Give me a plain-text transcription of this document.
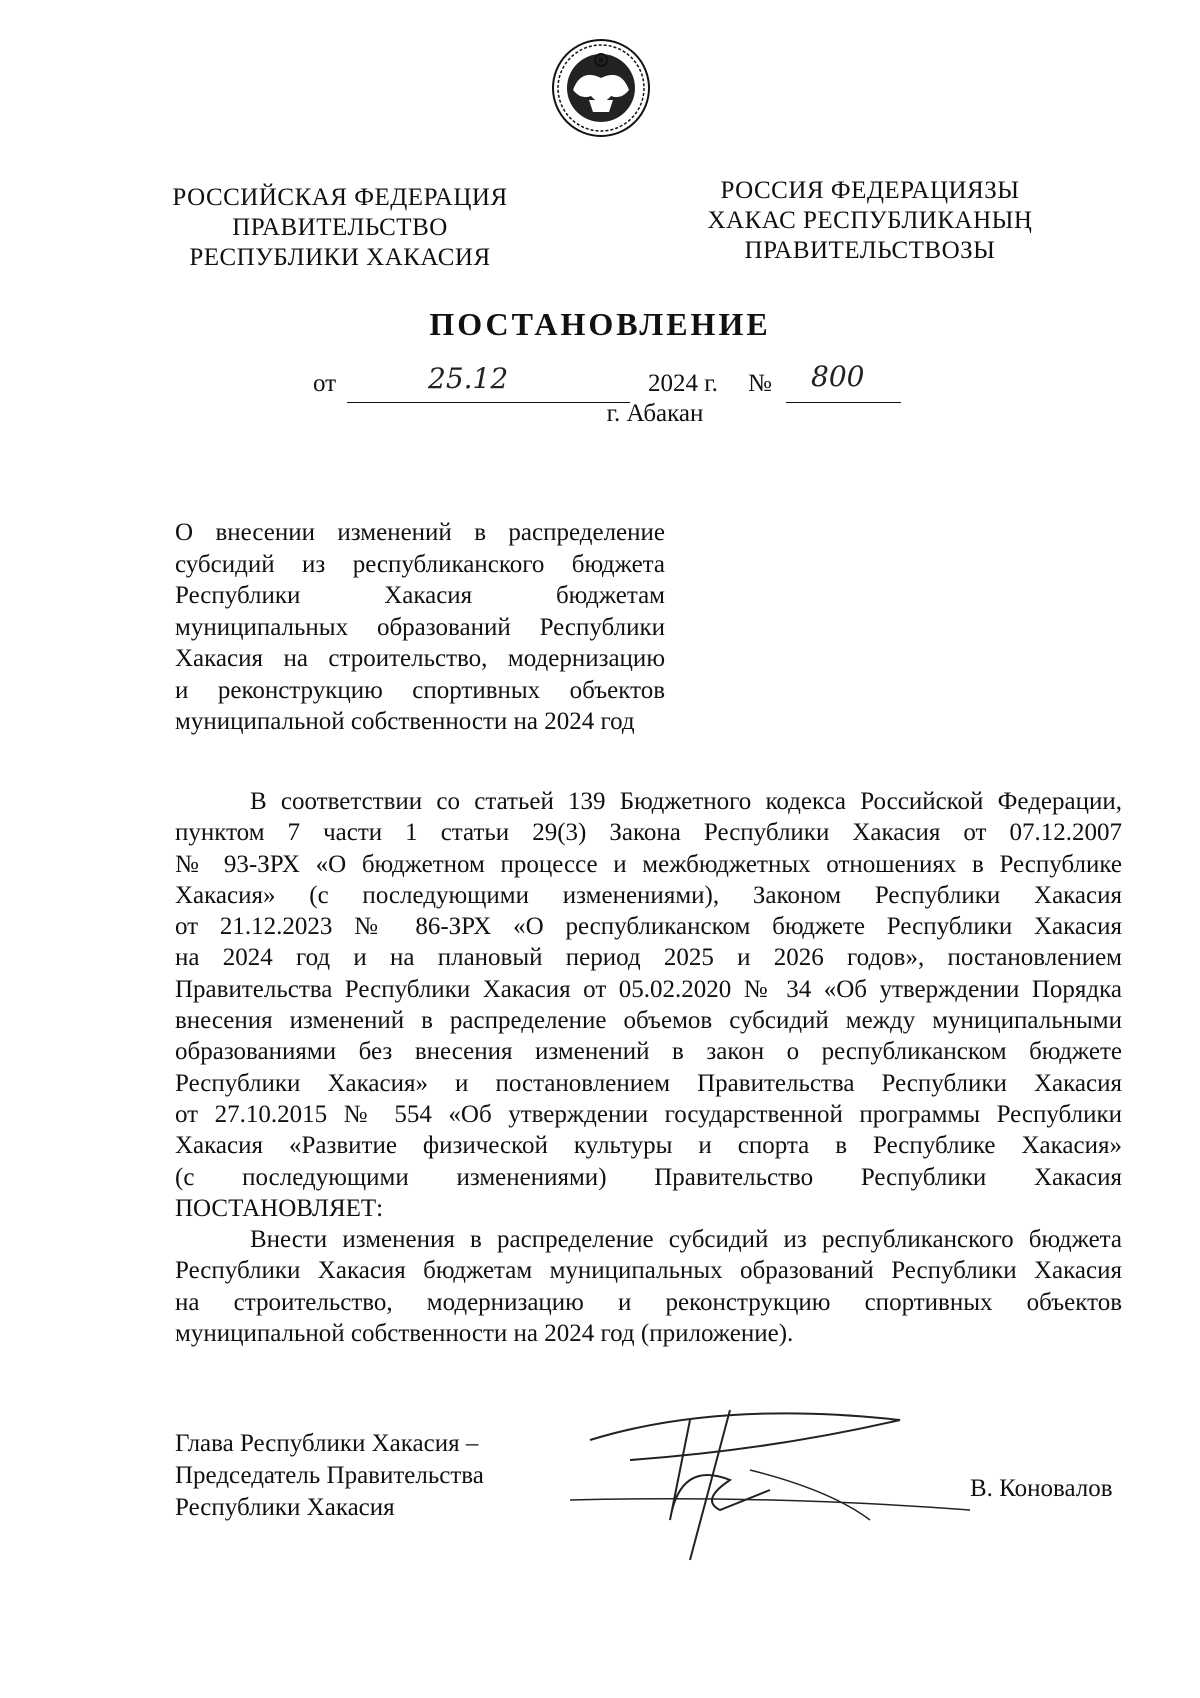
РОССИЙСКАЯ ФЕДЕРАЦИЯ
ПРАВИТЕЛЬСТВО
РЕСПУБЛИКИ ХАКАСИЯ
РОССИЯ ФЕДЕРАЦИЯЗЫ
ХАКАС РЕСПУБЛИКАНЫҢ
ПРАВИТЕЛЬСТВОЗЫ
ПОСТАНОВЛЕНИЕ
от	25.12	2024 г. № 800
г. Абакан
О внесении изменений в распределение
субсидий из республиканского бюджета
Республики Хакасия бюджетам
муниципальных образований Республики
Хакасия на строительство, модернизацию
и реконструкцию спортивных объектов
муниципальной собственности на 2024 год
В соответствии со статьей 139 Бюджетного кодекса Российской Федерации,
пунктом 7 части 1 статьи 29(3) Закона Республики Хакасия от 07.12.2007
№ 93-ЗРХ «О бюджетном процессе и межбюджетных отношениях в Республике
Хакасия» (с последующими изменениями), Законом Республики Хакасия
от 21.12.2023 № 86-ЗРХ «О республиканском бюджете Республики Хакасия
на 2024 год и на плановый период 2025 и 2026 годов», постановлением
Правительства Республики Хакасия от 05.02.2020 № 34 «Об утверждении Порядка
внесения изменений в распределение объемов субсидий между муниципальными
образованиями без внесения изменений в закон о республиканском бюджете
Республики Хакасия» и постановлением Правительства Республики Хакасия
от 27.10.2015 № 554 «Об утверждении государственной программы Республики
Хакасия «Развитие физической культуры и спорта в Республике Хакасия»
(с последующими изменениями) Правительство Республики Хакасия
ПОСТАНОВЛЯЕТ:
Внести изменения в распределение субсидий из республиканского бюджета
Республики Хакасия бюджетам муниципальных образований Республики Хакасия
на строительство, модернизацию и реконструкцию спортивных объектов
муниципальной собственности на 2024 год (приложение).
Глава Республики Хакасия –
Председатель Правительства
Республики Хакасия
В. Коновалов
